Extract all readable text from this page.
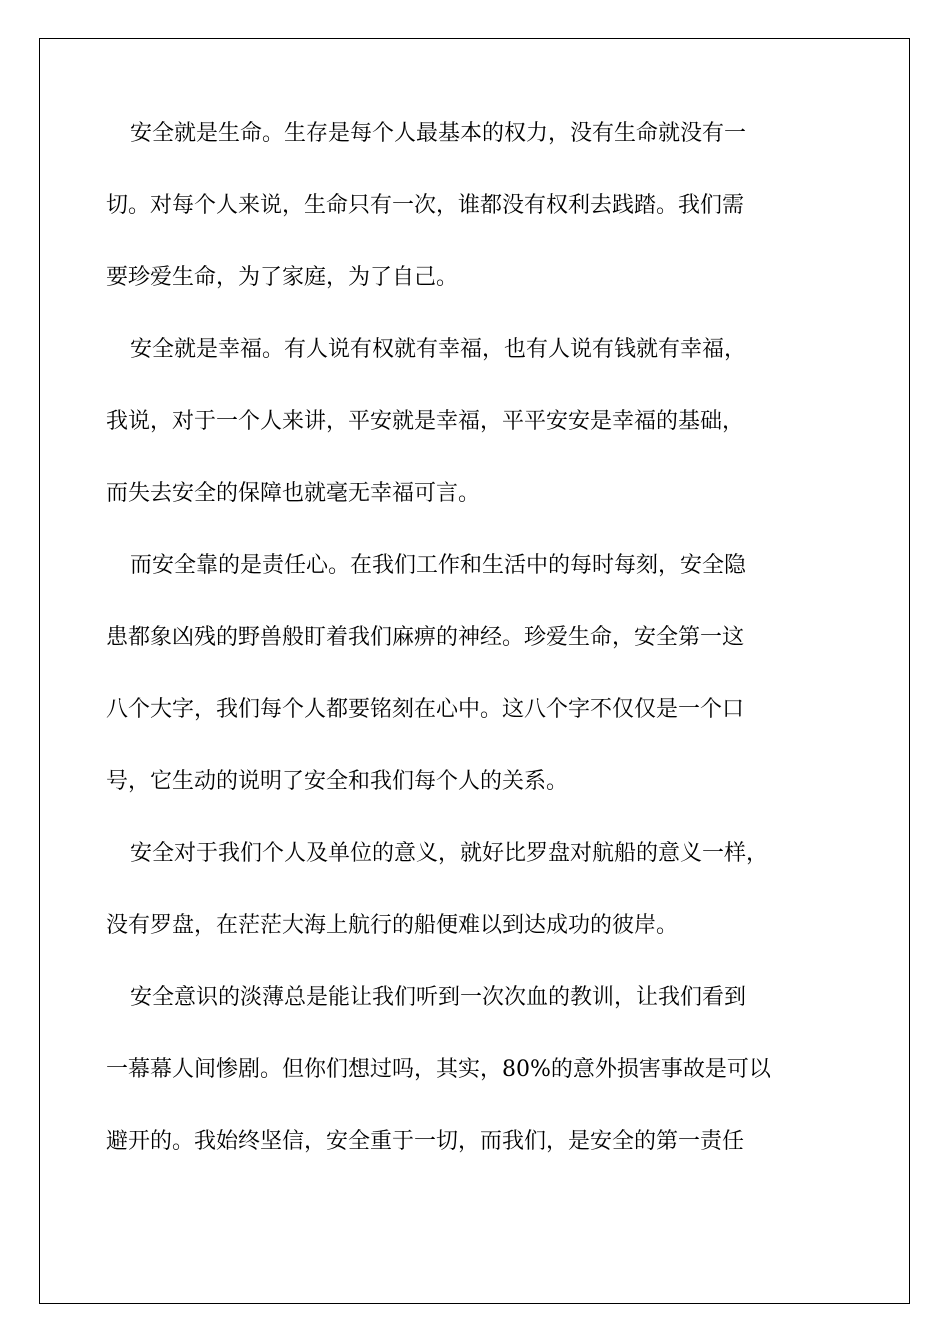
安全就是生命。生存是每个人最基本的权力，没有生命就没有一
切。对每个人来说，生命只有一次，谁都没有权利去践踏。我们需
要珍爱生命，为了家庭，为了自己。
安全就是幸福。有人说有权就有幸福，也有人说有钱就有幸福，
我说，对于一个人来讲，平安就是幸福，平平安安是幸福的基础，
而失去安全的保障也就毫无幸福可言。
而安全靠的是责任心。在我们工作和生活中的每时每刻，安全隐
患都象凶残的野兽般盯着我们麻痹的神经。珍爱生命，安全第一这
八个大字，我们每个人都要铭刻在心中。这八个字不仅仅是一个口
号，它生动的说明了安全和我们每个人的关系。
安全对于我们个人及单位的意义，就好比罗盘对航船的意义一样，
没有罗盘，在茫茫大海上航行的船便难以到达成功的彼岸。
安全意识的淡薄总是能让我们听到一次次血的教训，让我们看到
一幕幕人间惨剧。但你们想过吗，其实，80%的意外损害事故是可以
避开的。我始终坚信，安全重于一切，而我们，是安全的第一责任
